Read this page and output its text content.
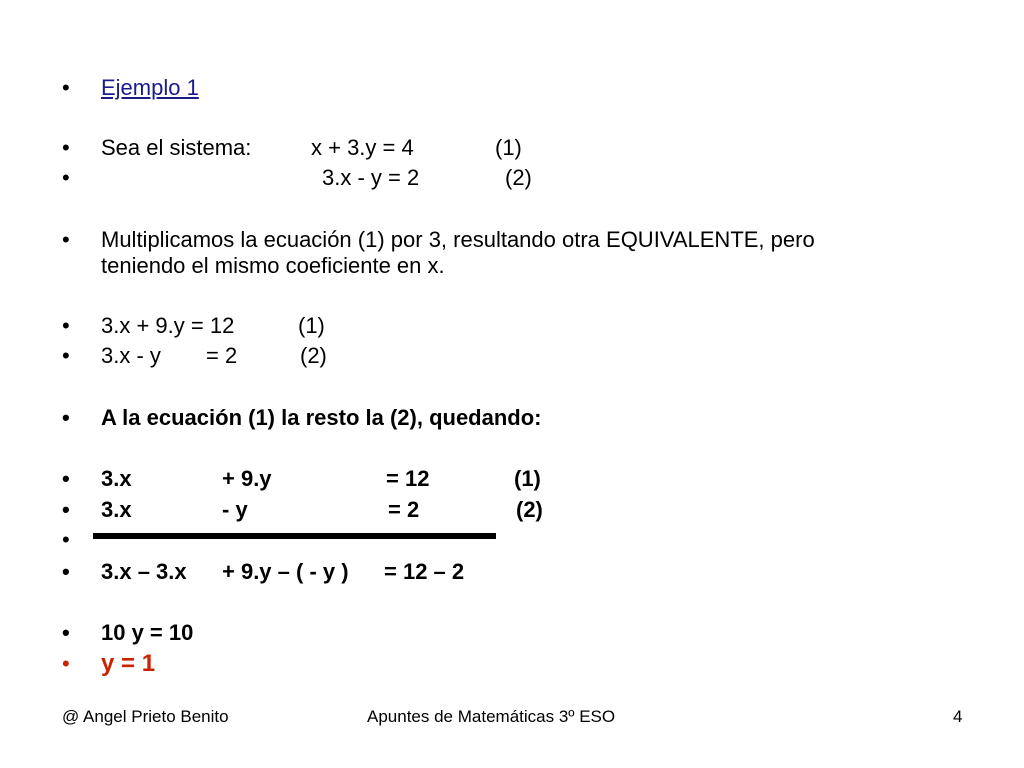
• Ejemplo 1
• Sea el sistema:	x + 3.y = 4	(1)
•	3.x - y = 2	(2)
• Multiplicamos la ecuación (1) por 3, resultando otra EQUIVALENTE, pero
teniendo el mismo coeficiente en x.
• 3.x + 9.y = 12	(1)
• 3.x - y = 2	(2)
• A la ecuación (1) la resto la (2), quedando:
• 3.x	+ 9.y	= 12	(1)
• 3.x	- y	= 2	(2)
•
• 3.x – 3.x + 9.y – ( - y ) = 12 – 2
• 10 y = 10
• y = 1
@ Angel Prieto Benito	Apuntes de Matemáticas 3º ESO	4
